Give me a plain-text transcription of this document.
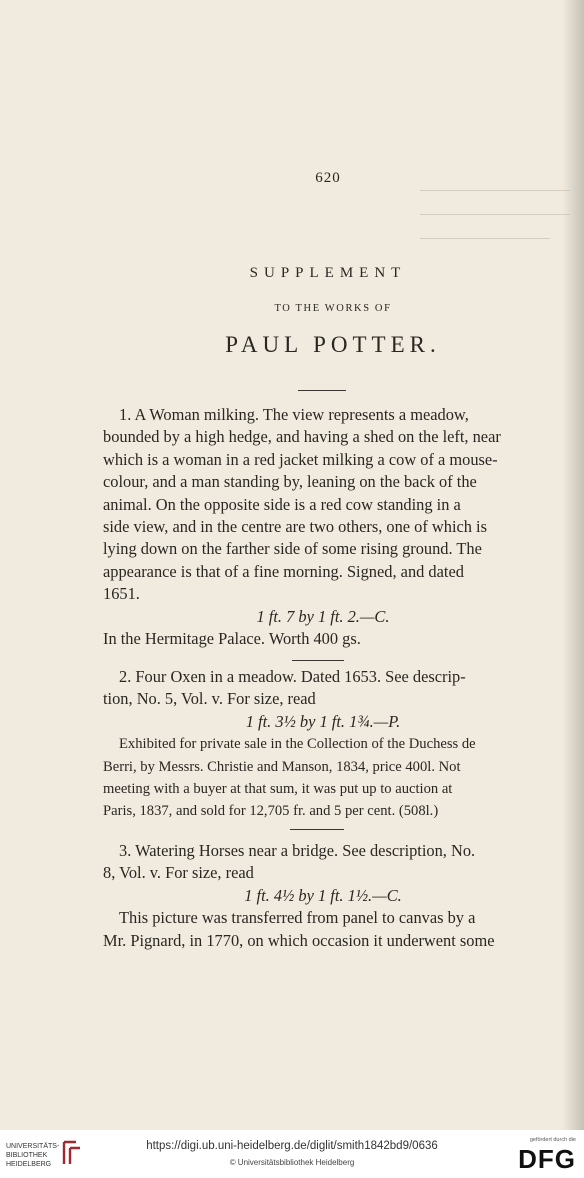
620
SUPPLEMENT
TO THE WORKS OF
PAUL POTTER.
1. A Woman milking. The view represents a meadow,
bounded by a high hedge, and having a shed on the left, near
which is a woman in a red jacket milking a cow of a mouse-
colour, and a man standing by, leaning on the back of the
animal. On the opposite side is a red cow standing in a
side view, and in the centre are two others, one of which is
lying down on the farther side of some rising ground. The
appearance is that of a fine morning. Signed, and dated
1651.
1 ft. 7 by 1 ft. 2.—C.
In the Hermitage Palace. Worth 400 gs.
2. Four Oxen in a meadow. Dated 1653. See descrip-
tion, No. 5, Vol. v. For size, read
1 ft. 3½ by 1 ft. 1¾.—P.
Exhibited for private sale in the Collection of the Duchess de
Berri, by Messrs. Christie and Manson, 1834, price 400l. Not
meeting with a buyer at that sum, it was put up to auction at
Paris, 1837, and sold for 12,705 fr. and 5 per cent. (508l.)
3. Watering Horses near a bridge. See description, No.
8, Vol. v. For size, read
1 ft. 4½ by 1 ft. 1½.—C.
This picture was transferred from panel to canvas by a
Mr. Pignard, in 1770, on which occasion it underwent some
UNIVERSITÄTS-
BIBLIOTHEK
HEIDELBERG
https://digi.ub.uni-heidelberg.de/diglit/smith1842bd9/0636
© Universitätsbibliothek Heidelberg
gefördert durch die
DFG
